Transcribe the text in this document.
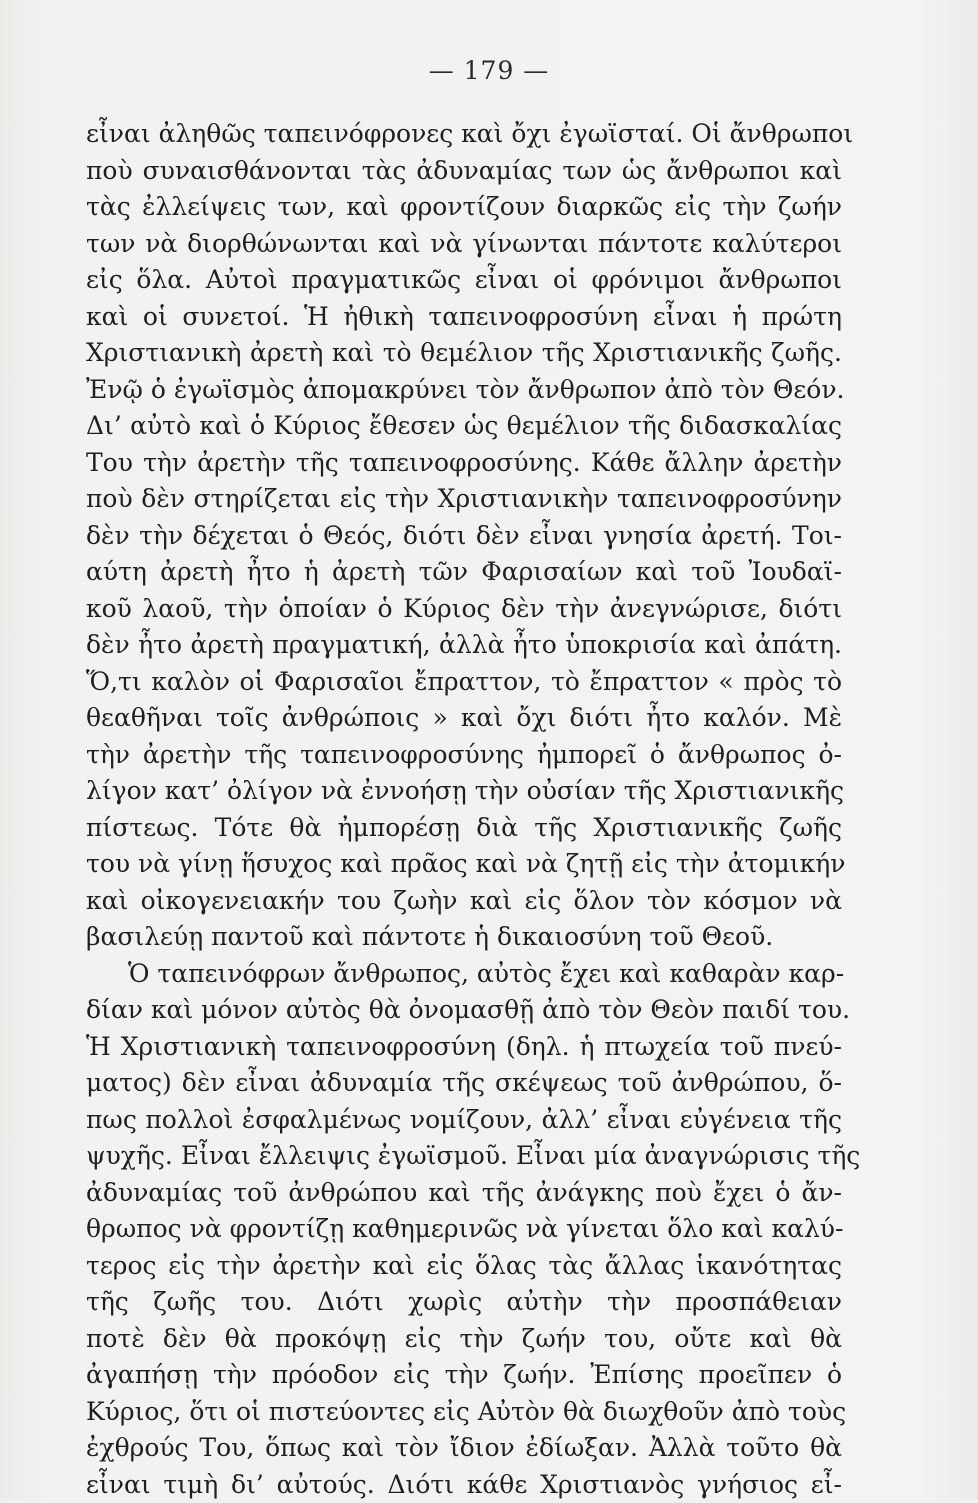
— 179 —
εἶναι ἀληθῶς ταπεινόφρονες καὶ ὄχι ἐγωϊσταί. Οἱ ἄνθρωποι
ποὺ συναισθάνονται τὰς ἀδυναμίας των ὡς ἄνθρωποι καὶ
τὰς ἐλλείψεις των, καὶ φροντίζουν διαρκῶς εἰς τὴν ζωήν
των νὰ διορθώνωνται καὶ νὰ γίνωνται πάντοτε καλύτεροι
εἰς ὅλα. Αὐτοὶ πραγματικῶς εἶναι οἱ φρόνιμοι ἄνθρωποι
καὶ οἱ συνετοί. Ἡ ἠθικὴ ταπεινοφροσύνη εἶναι ἡ πρώτη
Χριστιανικὴ ἀρετὴ καὶ τὸ θεμέλιον τῆς Χριστιανικῆς ζωῆς.
Ἐνῷ ὁ ἐγωϊσμὸς ἀπομακρύνει τὸν ἄνθρωπον ἀπὸ τὸν Θεόν.
Δι’ αὐτὸ καὶ ὁ Κύριος ἔθεσεν ὡς θεμέλιον τῆς διδασκαλίας
Του τὴν ἀρετὴν τῆς ταπεινοφροσύνης. Κάθε ἄλλην ἀρετὴν
ποὺ δὲν στηρίζεται εἰς τὴν Χριστιανικὴν ταπεινοφροσύνην
δὲν τὴν δέχεται ὁ Θεός, διότι δὲν εἶναι γνησία ἀρετή. Τοι-
αύτη ἀρετὴ ἦτο ἡ ἀρετὴ τῶν Φαρισαίων καὶ τοῦ Ἰουδαϊ-
κοῦ λαοῦ, τὴν ὁποίαν ὁ Κύριος δὲν τὴν ἀνεγνώρισε, διότι
δὲν ἦτο ἀρετὴ πραγματική, ἀλλὰ ἦτο ὑποκρισία καὶ ἀπάτη.
Ὅ,τι καλὸν οἱ Φαρισαῖοι ἔπραττον, τὸ ἔπραττον « πρὸς τὸ
θεαθῆναι τοῖς ἀνθρώποις » καὶ ὄχι διότι ἦτο καλόν. Μὲ
τὴν ἀρετὴν τῆς ταπεινοφροσύνης ἠμπορεῖ ὁ ἄνθρωπος ὀ-
λίγον κατ’ ὀλίγον νὰ ἐννοήσῃ τὴν οὐσίαν τῆς Χριστιανικῆς
πίστεως. Τότε θὰ ἠμπορέσῃ διὰ τῆς Χριστιανικῆς ζωῆς
του νὰ γίνῃ ἥσυχος καὶ πρᾶος καὶ νὰ ζητῇ εἰς τὴν ἀτομικήν
καὶ οἰκογενειακήν του ζωὴν καὶ εἰς ὅλον τὸν κόσμον νὰ
βασιλεύῃ παντοῦ καὶ πάντοτε ἡ δικαιοσύνη τοῦ Θεοῦ.
Ὁ ταπεινόφρων ἄνθρωπος, αὐτὸς ἔχει καὶ καθαρὰν καρ-
δίαν καὶ μόνον αὐτὸς θὰ ὀνομασθῇ ἀπὸ τὸν Θεὸν παιδί του.
Ἡ Χριστιανικὴ ταπεινοφροσύνη (δηλ. ἡ πτωχεία τοῦ πνεύ-
ματος) δὲν εἶναι ἀδυναμία τῆς σκέψεως τοῦ ἀνθρώπου, ὅ-
πως πολλοὶ ἐσφαλμένως νομίζουν, ἀλλ’ εἶναι εὐγένεια τῆς
ψυχῆς. Εἶναι ἔλλειψις ἐγωϊσμοῦ. Εἶναι μία ἀναγνώρισις τῆς
ἀδυναμίας τοῦ ἀνθρώπου καὶ τῆς ἀνάγκης ποὺ ἔχει ὁ ἄν-
θρωπος νὰ φροντίζῃ καθημερινῶς νὰ γίνεται ὅλο καὶ καλύ-
τερος εἰς τὴν ἀρετὴν καὶ εἰς ὅλας τὰς ἄλλας ἱκανότητας
τῆς ζωῆς του. Διότι χωρὶς αὐτὴν τὴν προσπάθειαν
ποτὲ δὲν θὰ προκόψῃ εἰς τὴν ζωήν του, οὔτε καὶ θὰ
ἀγαπήσῃ τὴν πρόοδον εἰς τὴν ζωήν. Ἐπίσης προεῖπεν ὁ
Κύριος, ὅτι οἱ πιστεύοντες εἰς Αὐτὸν θὰ διωχθοῦν ἀπὸ τοὺς
ἐχθρούς Του, ὅπως καὶ τὸν ἴδιον ἐδίωξαν. Ἀλλὰ τοῦτο θὰ
εἶναι τιμὴ δι’ αὐτούς. Διότι κάθε Χριστιανὸς γνήσιος εἶ-
